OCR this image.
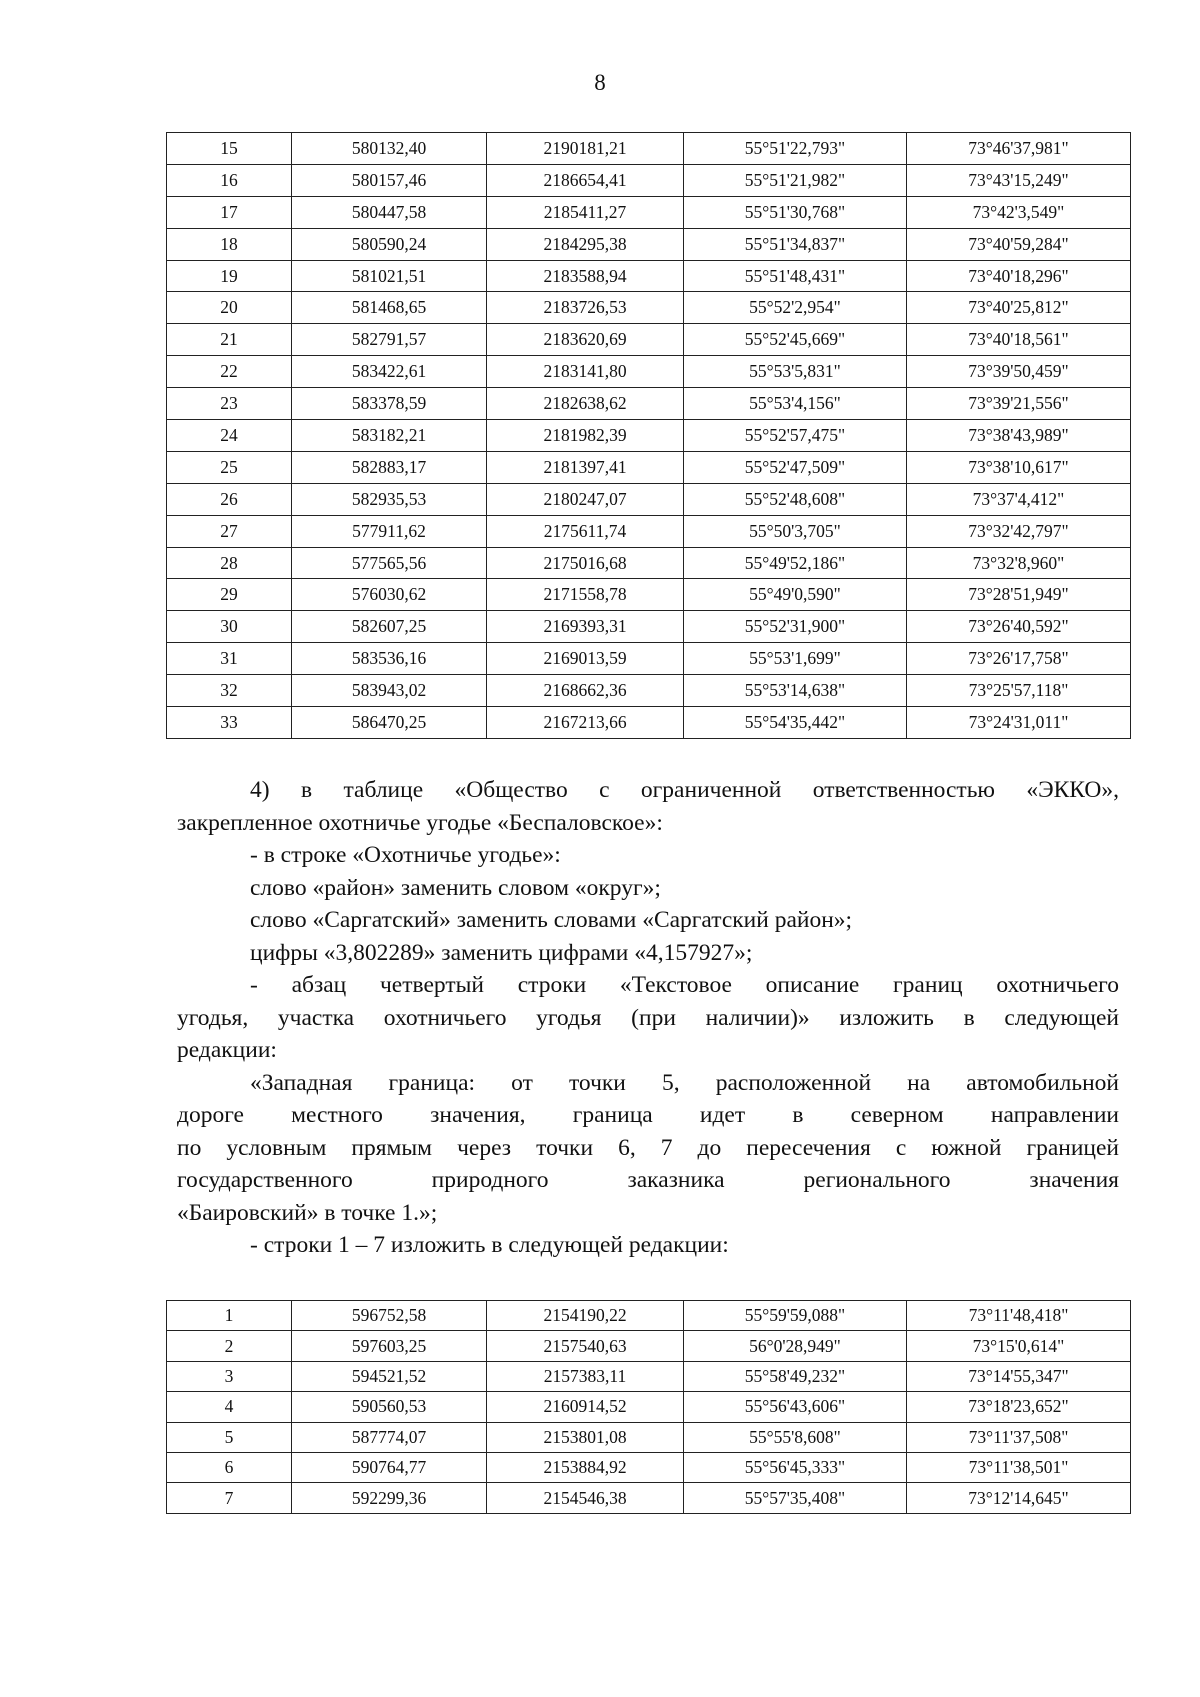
8
15	580132,40	2190181,21	55°51'22,793"	73°46'37,981"
16	580157,46	2186654,41	55°51'21,982"	73°43'15,249"
17	580447,58	2185411,27	55°51'30,768"	73°42'3,549"
18	580590,24	2184295,38	55°51'34,837"	73°40'59,284"
19	581021,51	2183588,94	55°51'48,431"	73°40'18,296"
20	581468,65	2183726,53	55°52'2,954"	73°40'25,812"
21	582791,57	2183620,69	55°52'45,669"	73°40'18,561"
22	583422,61	2183141,80	55°53'5,831"	73°39'50,459"
23	583378,59	2182638,62	55°53'4,156"	73°39'21,556"
24	583182,21	2181982,39	55°52'57,475"	73°38'43,989"
25	582883,17	2181397,41	55°52'47,509"	73°38'10,617"
26	582935,53	2180247,07	55°52'48,608"	73°37'4,412"
27	577911,62	2175611,74	55°50'3,705"	73°32'42,797"
28	577565,56	2175016,68	55°49'52,186"	73°32'8,960"
29	576030,62	2171558,78	55°49'0,590"	73°28'51,949"
30	582607,25	2169393,31	55°52'31,900"	73°26'40,592"
31	583536,16	2169013,59	55°53'1,699"	73°26'17,758"
32	583943,02	2168662,36	55°53'14,638"	73°25'57,118"
33	586470,25	2167213,66	55°54'35,442"	73°24'31,011"

4) в таблице «Общество с ограниченной ответственностью «ЭККО»,

закрепленное охотничье угодье «Беспаловское»:

- в строке «Охотничье угодье»:

слово «район» заменить словом «округ»;

слово «Саргатский» заменить словами «Саргатский район»;

цифры «3,802289» заменить цифрами «4,157927»;

- абзац четвертый строки «Текстовое описание границ охотничьего

угодья, участка охотничьего угодья (при наличии)» изложить в следующей
редакции:

«Западная граница: от точки 5, расположенной на автомобильной

дороге местного значения, граница идет в северном направлении
по условным прямым через точки 6, 7 до пересечения с южной границей
государственного природного заказника регионального значения
«Баировский» в точке 1.»;

- строки 1 – 7 изложить в следующей редакции:

1	596752,58	2154190,22	55°59'59,088"	73°11'48,418"
2	597603,25	2157540,63	56°0'28,949"	73°15'0,614"
3	594521,52	2157383,11	55°58'49,232"	73°14'55,347"
4	590560,53	2160914,52	55°56'43,606"	73°18'23,652"
5	587774,07	2153801,08	55°55'8,608"	73°11'37,508"
6	590764,77	2153884,92	55°56'45,333"	73°11'38,501"
7	592299,36	2154546,38	55°57'35,408"	73°12'14,645"
